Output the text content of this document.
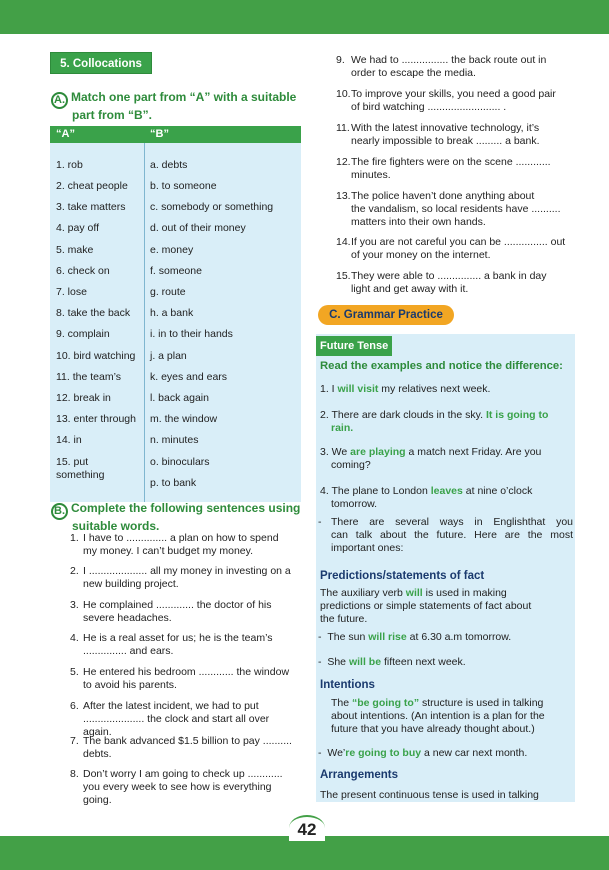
5. Collocations
A. Match one part from “A” with a suitable
part from “B”.
“A”	“B”
1. rob
2. cheat people
3. take matters
4. pay off
5. make
6. check on
7. lose
8. take the back
9. complain
10. bird watching
11. the team’s
12. break in
13. enter through
14. in
15. put
something
a. debts
b. to someone
c. somebody or something
d. out of their money
e. money
f. someone
g. route
h. a bank
i. in to their hands
j. a plan
k. eyes and ears
l. back again
m. the window
n. minutes
o. binoculars
p. to bank
B. Complete the following sentences using
suitable words.
1. I have to .............. a plan on how to spend
my money. I can’t budget my money.
2. I .................... all my money in investing on a
new building project.
3. He complained ............. the doctor of his
severe headaches.
4. He is a real asset for us; he is the team’s
............... and ears.
5. He entered his bedroom ............ the window
to avoid his parents.
6. After the latest incident, we had to put
..................... the clock and start all over again.
7. The bank advanced $1.5 billion to pay ..........
debts.
8. Don’t worry I am going to check up ............
you every week to see how is everything
going.
9. We had to ................ the back route out in
order to escape the media.
10. To improve your skills, you need a good pair
of bird watching ......................... .
11. With the latest innovative technology, it’s
nearly impossible to break ......... a bank.
12. The fire fighters were on the scene ............
minutes.
13. The police haven’t done anything about
the vandalism, so local residents have ..........
matters into their own hands.
14. If you are not careful you can be ............... out
of your money on the internet.
15. They were able to ............... a bank in day
light and get away with it.
C. Grammar Practice
Future Tense
Read the examples and notice the difference:
1. I will visit my relatives next week.
2. There are dark clouds in the sky. It is going to
rain.
3. We are playing a match next Friday. Are you
coming?
4. The plane to London leaves at nine o’clock
tomorrow.
- There are several ways in Englishthat you
can talk about the future. Here are the most
important ones:
Predictions/statements of fact
The auxiliary verb will is used in making
predictions or simple statements of fact about
the future.
- The sun will rise at 6.30 a.m tomorrow.
- She will be fifteen next week.
Intentions
The “be going to” structure is used in talking
about intentions. (An intention is a plan for the
future that you have already thought about.)
- We’re going to buy a new car next month.
Arrangements
The present continuous tense is used in talking
42
